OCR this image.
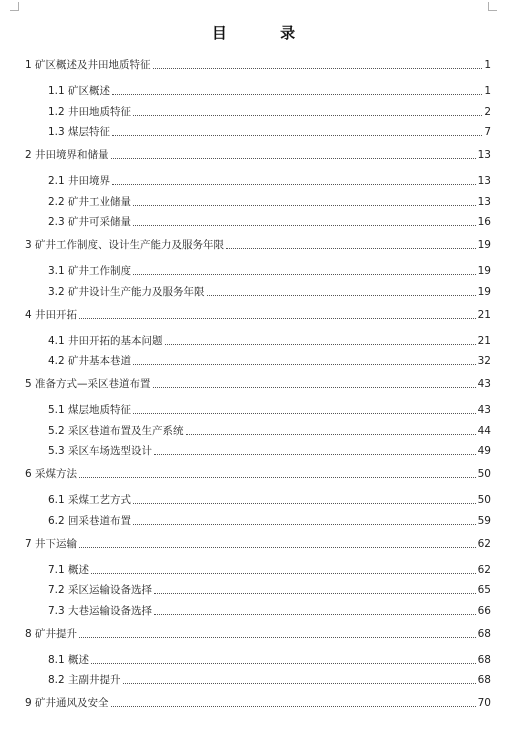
目 录
1 矿区概述及井田地质特征	1
1.1 矿区概述	1
1.2 井田地质特征	2
1.3 煤层特征	7
2 井田境界和储量	13
2.1 井田境界	13
2.2 矿井工业储量	13
2.3 矿井可采储量	16
3 矿井工作制度、设计生产能力及服务年限	19
3.1 矿井工作制度	19
3.2 矿井设计生产能力及服务年限	19
4 井田开拓	21
4.1 井田开拓的基本问题	21
4.2 矿井基本巷道	32
5 准备方式—采区巷道布置	43
5.1 煤层地质特征	43
5.2 采区巷道布置及生产系统	44
5.3 采区车场选型设计	49
6 采煤方法	50
6.1 采煤工艺方式	50
6.2 回采巷道布置	59
7 井下运输	62
7.1 概述	62
7.2 采区运输设备选择	65
7.3 大巷运输设备选择	66
8 矿井提升	68
8.1 概述	68
8.2 主副井提升	68
9 矿井通风及安全	70
